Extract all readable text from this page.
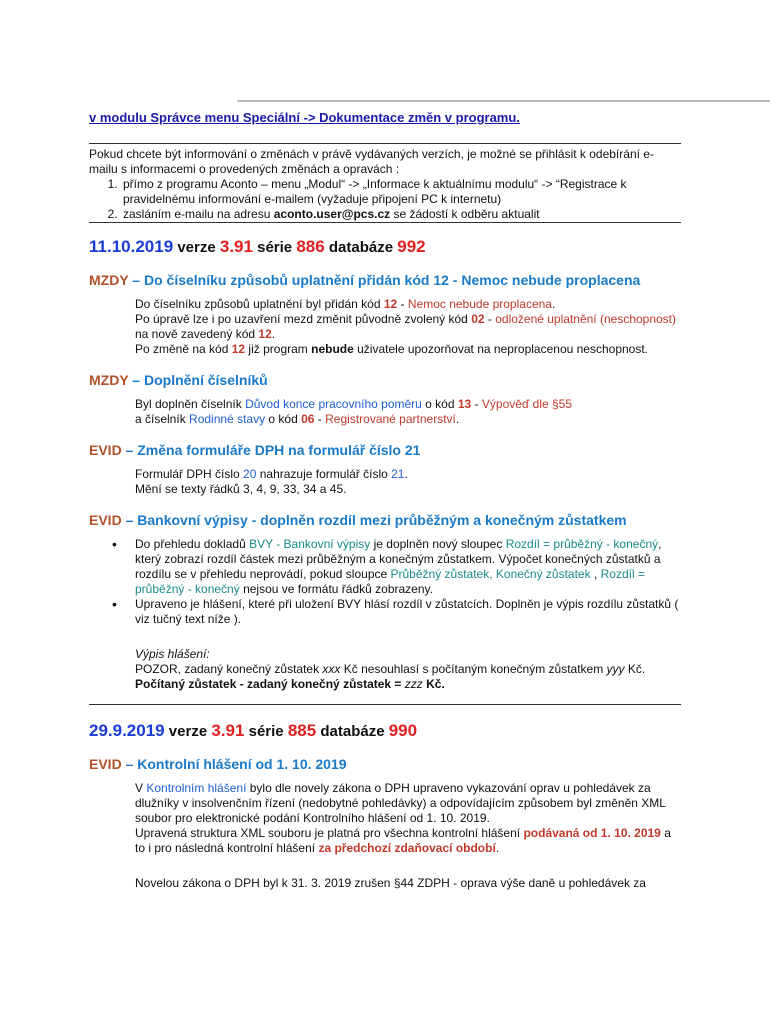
v modulu Správce menu Speciální -> Dokumentace změn v programu.
Pokud chcete být informování o změnách v právě vydávaných verzích, je možné se přihlásit k odebírání e-mailu s informacemi o provedených změnách a opravách :
1. přímo z programu Aconto – menu „Modul“ -> „Informace k aktuálnímu modulu“ -> “Registrace k pravidelnému informování e-mailem (vyžaduje připojení PC k internetu)
2. zasláním e-mailu na adresu aconto.user@pcs.cz se žádostí k odběru aktualit
11.10.2019 verze 3.91 série 886 databáze 992
MZDY – Do číselníku způsobů uplatnění přidán kód 12 - Nemoc nebude proplacena

Do číselníku způsobů uplatnění byl přidán kód 12 - Nemoc nebude proplacena.

Po úpravě lze i po uzavření mezd změnit původně zvolený kód 02 - odložené uplatnění (neschopnost) na nově zavedený kód 12.

Po změně na kód 12 již program nebude uživatele upozorňovat na neproplacenou neschopnost.

MZDY – Doplnění číselníků

Byl doplněn číselník Důvod konce pracovního poměru o kód 13 - Výpověď dle §55

a číselník Rodinné stavy o kód 06 - Registrované partnerství.

EVID – Změna formuláře DPH na formulář číslo 21

Formulář DPH číslo 20 nahrazuje formulář číslo 21.

Mění se texty řádků 3, 4, 9, 33, 34 a 45.

EVID – Bankovní výpisy - doplněn rozdíl mezi průběžným a konečným zůstatkem
• Do přehledu dokladů BVY - Bankovní výpisy je doplněn nový sloupec Rozdíl = průběžný - konečný, který zobrazí rozdíl částek mezi průběžným a konečným zůstatkem. Výpočet konečných zůstatků a rozdílu se v přehledu neprovádí, pokud sloupce Průběžný zůstatek, Konečný zůstatek , Rozdíl = průběžný - konečný nejsou ve formátu řádků zobrazeny.
• Upraveno je hlášení, které při uložení BVY hlásí rozdíl v zůstatcích. Doplněn je výpis rozdílu zůstatků ( viz tučný text níže ).

Výpis hlášení:

POZOR, zadaný konečný zůstatek xxx Kč nesouhlasí s počítaným konečným zůstatkem yyy Kč.

Počítaný zůstatek - zadaný konečný zůstatek = zzz Kč.

29.9.2019 verze 3.91 série 885 databáze 990
EVID – Kontrolní hlášení od 1. 10. 2019

V Kontrolním hlášení bylo dle novely zákona o DPH upraveno vykazování oprav u pohledávek za dlužníky v insolvenčním řízení (nedobytné pohledávky) a odpovídajícím způsobem byl změněn XML soubor pro elektronické podání Kontrolního hlášení od 1. 10. 2019.

Upravená struktura XML souboru je platná pro všechna kontrolní hlášení podávaná od 1. 10. 2019 a to i pro následná kontrolní hlášení za předchozí zdaňovací období.

Novelou zákona o DPH byl k 31. 3. 2019 zrušen §44 ZDPH - oprava výše daně u pohledávek za
